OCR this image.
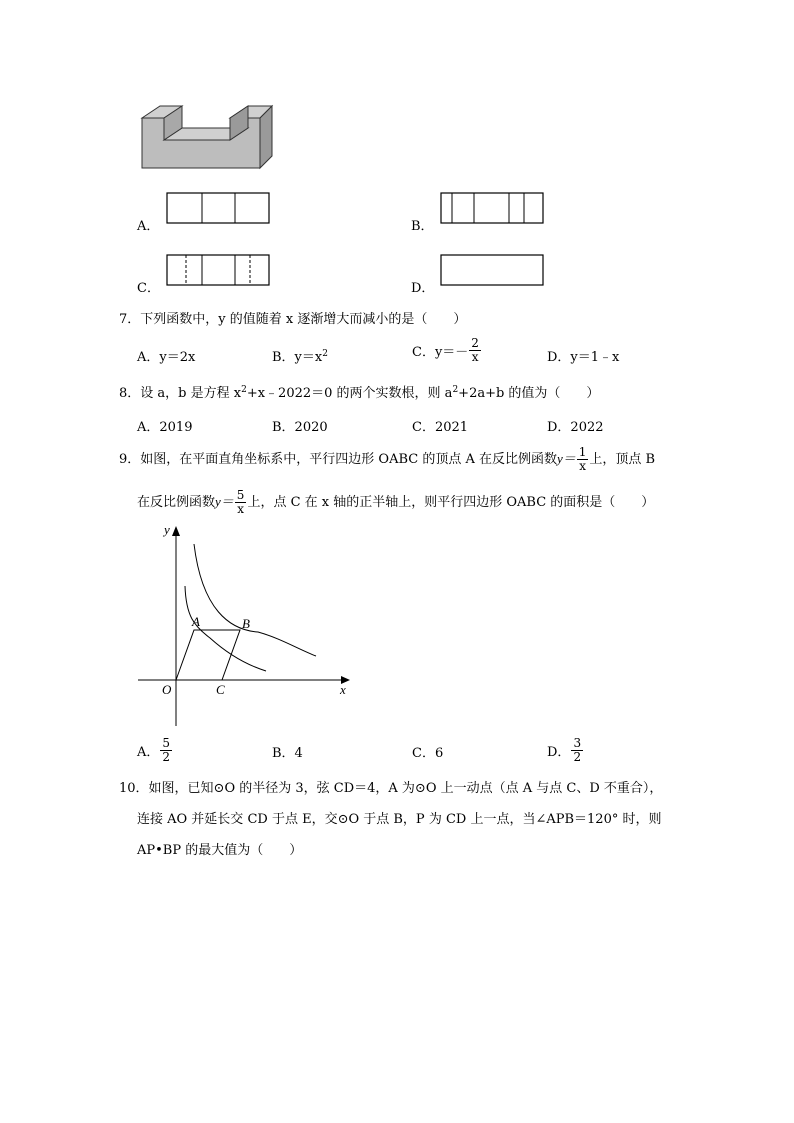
A．	B．
C．	D．
7．下列函数中，y 的值随着 x 逐渐增大而减小的是（　　）
A．y＝2x	B．$y=x^2$	C．$y=- \frac{2}{x}$	D．y＝1﹣x
8．设 a，b 是方程 $x^2+x﹣2022=0$ 的两个实数根，则 $a^2+2a+b$ 的值为（　　）
A．2019	B．2020	C．2021	D．2022
9．如图，在平面直角坐标系中，平行四边形 OABC 的顶点 A 在反比例函数$y= \frac{1}{x}$ 上，顶点 B
在反比例函数$y= \frac{5}{x}$ 上，点 C 在 x 轴的正半轴上，则平行四边形 OABC 的面积是（　　）
y
x
O
A	B
C
A． $\frac{5}{2}$	B．4	C．6	D． $\frac{3}{2}$
10．如图，已知⊙O 的半径为 3，弦 CD＝4，A 为⊙O 上一动点（点 A 与点 C、D 不重合），
连接 AO 并延长交 CD 于点 E，交⊙O 于点 B，P 为 CD 上一点，当∠APB＝120° 时，则
AP•BP 的最大值为（　　）
